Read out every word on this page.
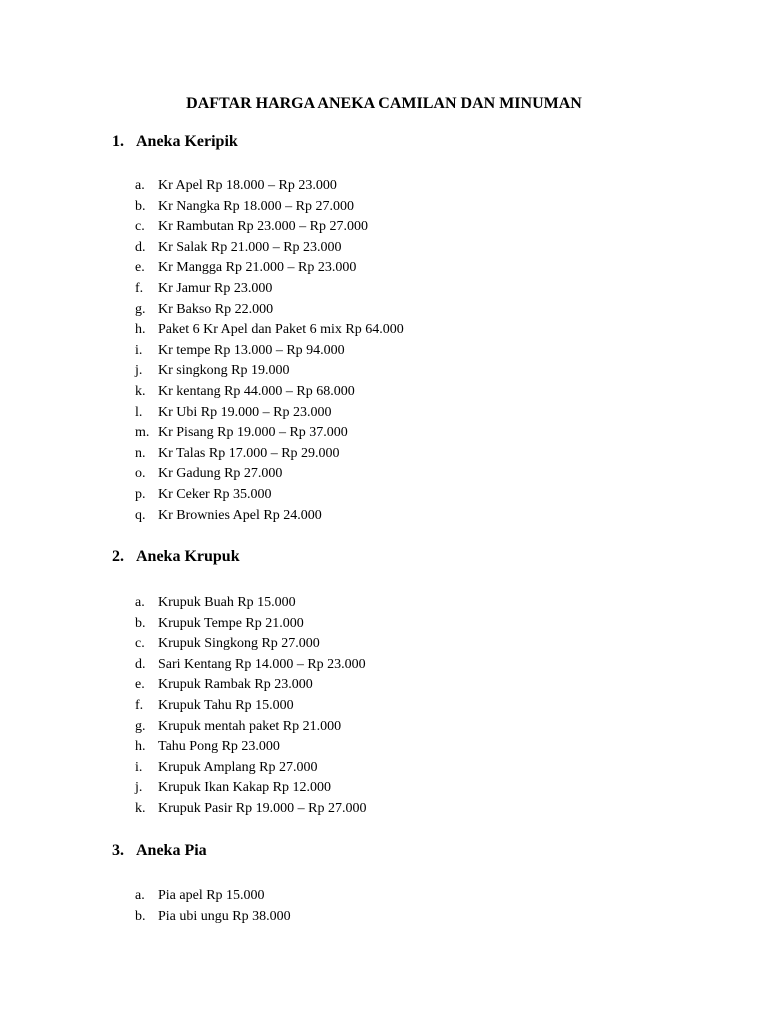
DAFTAR HARGA ANEKA CAMILAN DAN MINUMAN
1. Aneka Keripik
a. Kr Apel Rp 18.000 – Rp 23.000
b. Kr Nangka Rp 18.000 – Rp 27.000
c. Kr Rambutan Rp 23.000 – Rp 27.000
d. Kr Salak Rp 21.000 – Rp 23.000
e. Kr Mangga Rp 21.000 – Rp 23.000
f. Kr Jamur Rp 23.000
g. Kr Bakso Rp 22.000
h. Paket 6 Kr Apel dan Paket 6 mix Rp 64.000
i. Kr tempe Rp 13.000 – Rp 94.000
j. Kr singkong Rp 19.000
k. Kr kentang Rp 44.000 – Rp 68.000
l. Kr Ubi Rp 19.000 – Rp 23.000
m. Kr Pisang Rp 19.000 – Rp 37.000
n. Kr Talas Rp 17.000 – Rp 29.000
o. Kr Gadung Rp 27.000
p. Kr Ceker Rp 35.000
q. Kr Brownies Apel Rp 24.000
2. Aneka Krupuk
a. Krupuk Buah Rp 15.000
b. Krupuk Tempe Rp 21.000
c. Krupuk Singkong Rp 27.000
d. Sari Kentang Rp 14.000 – Rp 23.000
e. Krupuk Rambak Rp 23.000
f. Krupuk Tahu Rp 15.000
g. Krupuk mentah paket Rp 21.000
h. Tahu Pong Rp 23.000
i. Krupuk Amplang Rp 27.000
j. Krupuk Ikan Kakap Rp 12.000
k. Krupuk Pasir Rp 19.000 – Rp 27.000
3. Aneka Pia
a. Pia apel Rp 15.000
b. Pia ubi ungu Rp 38.000
